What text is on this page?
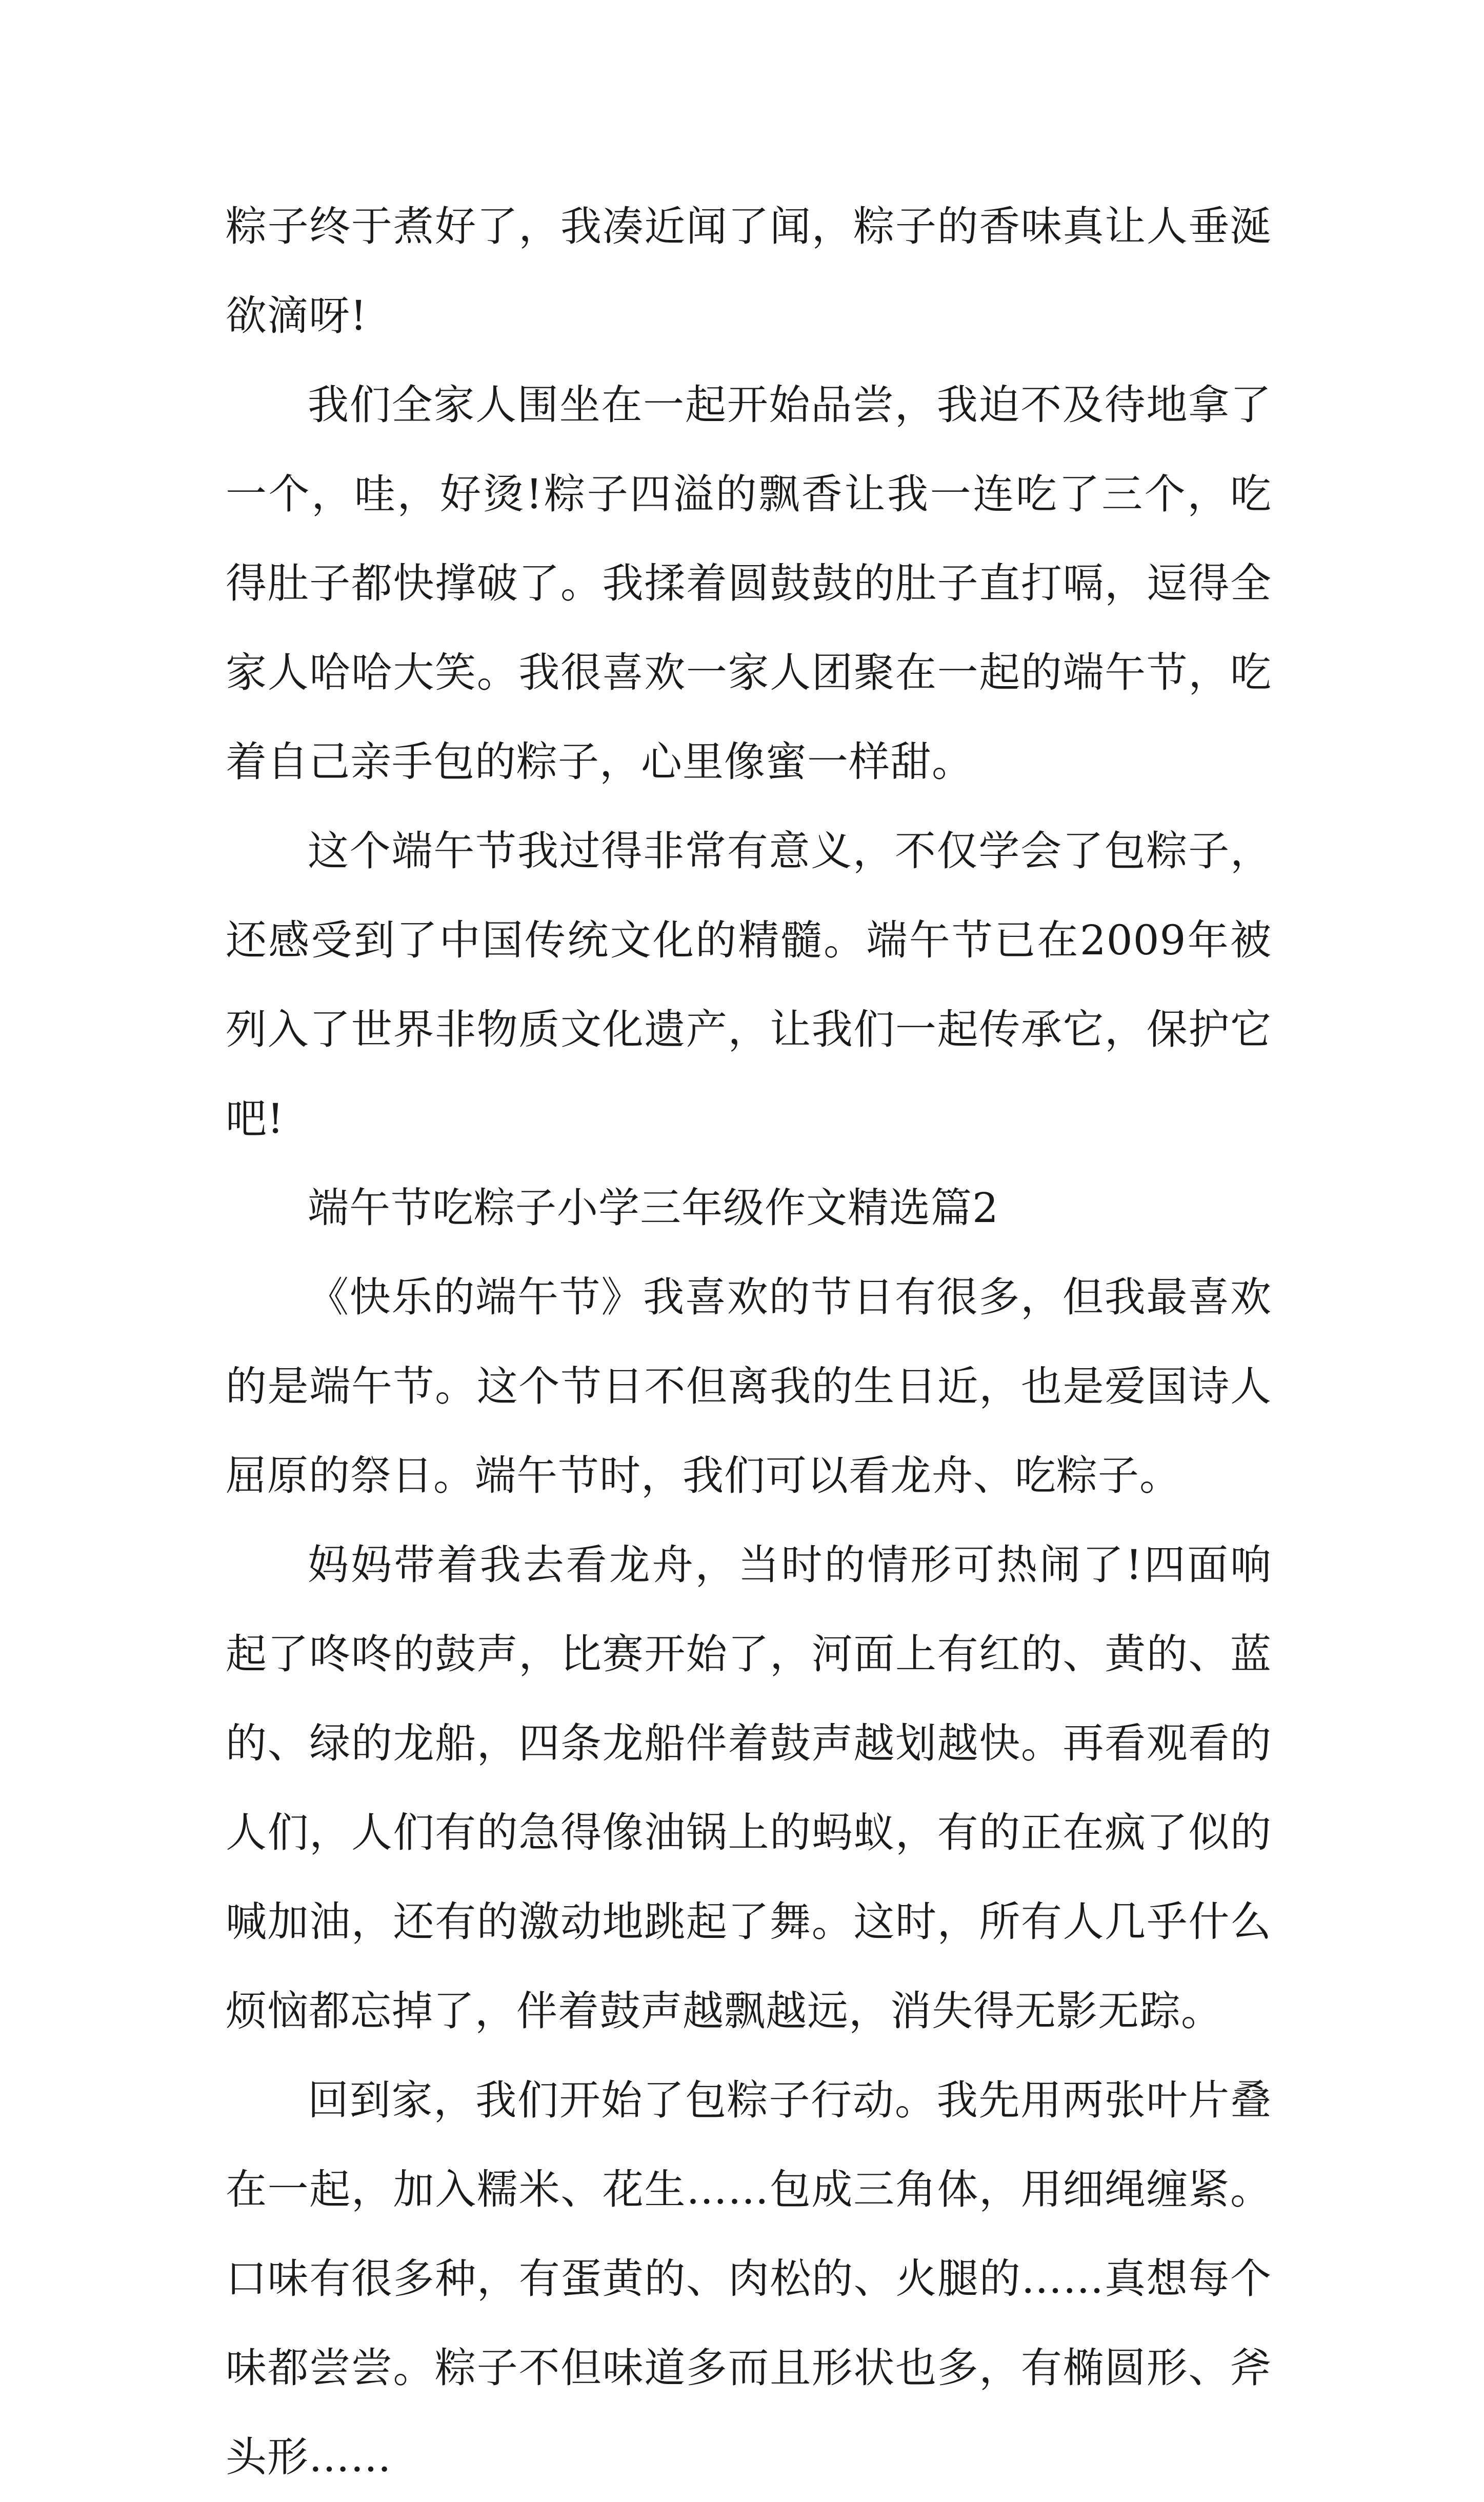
粽子终于煮好了，我凑近闻了闻，粽子的香味真让人垂涎欲滴呀!

我们全家人围坐在一起开始品尝，我迫不及待地拿了一个，哇，好烫!粽子四溢的飘香让我一连吃了三个，吃得肚子都快撑破了。我揉着圆鼓鼓的肚子直打嗝，逗得全家人哈哈大笑。我很喜欢一家人团聚在一起的端午节，吃着自己亲手包的粽子，心里像蜜一样甜。

这个端午节我过得非常有意义，不仅学会了包粽子，还感受到了中国传统文化的精髓。端午节已在2009年被列入了世界非物质文化遗产，让我们一起传承它，保护它吧!

端午节吃粽子小学三年级作文精选篇2

《快乐的端午节》我喜欢的节日有很多，但我最喜欢的是端午节。这个节日不但离我的生日近，也是爱国诗人屈原的祭日。端午节时，我们可以看龙舟、吃粽子。

妈妈带着我去看龙舟，当时的情形可热闹了!四面响起了咚咚的鼓声，比赛开始了，河面上有红的、黄的、蓝的、绿的龙船，四条龙船伴着鼓声越划越快。再看观看的人们，人们有的急得像油锅上的蚂蚁，有的正在疯了似的喊加油，还有的激动地跳起了舞。这时，所有人几乎什么烦恼都忘掉了，伴着鼓声越飘越远，消失得无影无踪。

回到家，我们开始了包粽子行动。我先用两张叶片叠在一起，加入糯米、花生……包成三角体，用细绳缠紧。口味有很多种，有蛋黄的、肉松的、火腿的……真想每个味都尝尝。粽子不但味道多而且形状也多，有椭圆形、斧头形……
